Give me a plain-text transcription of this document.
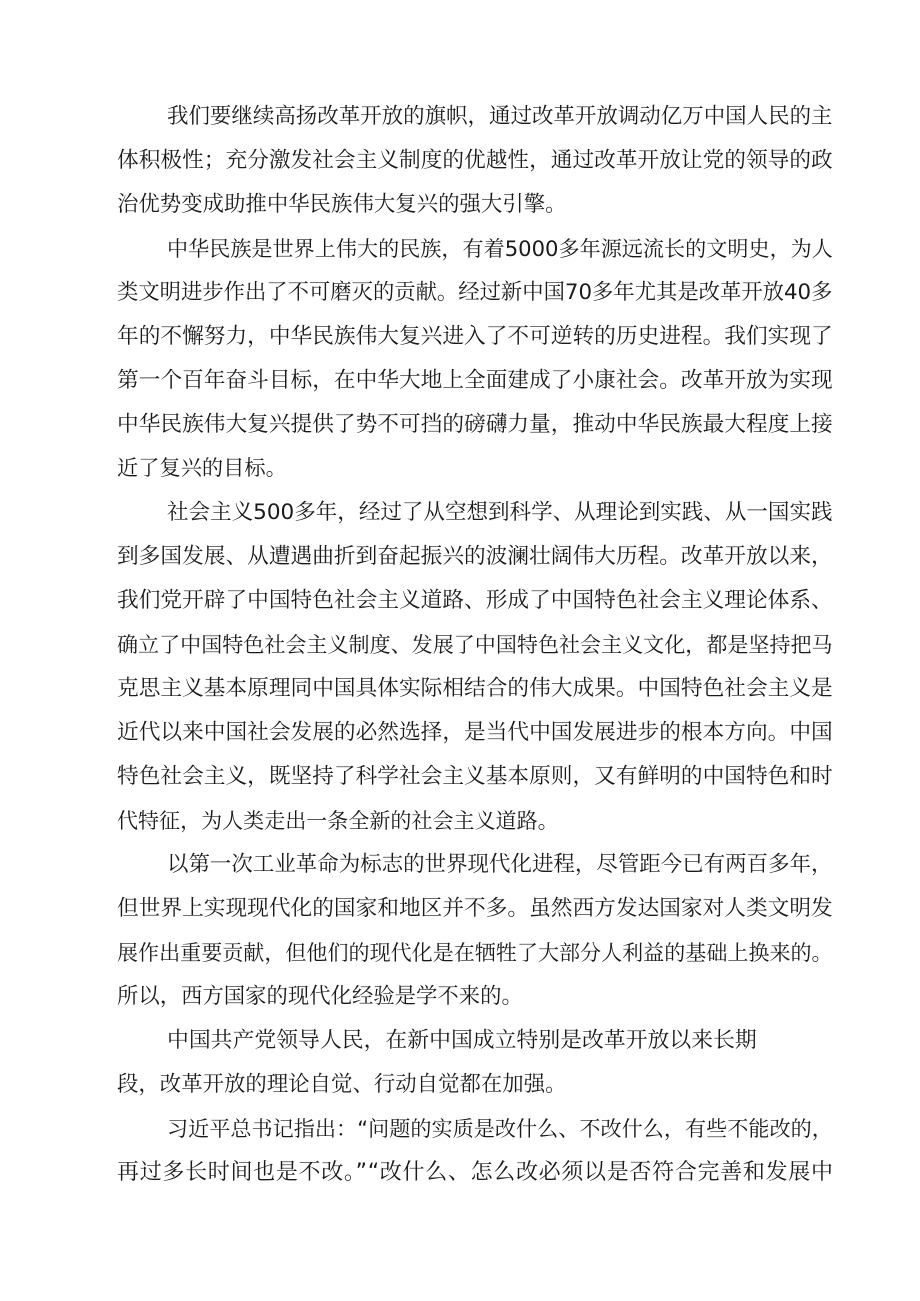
我们要继续高扬改革开放的旗帜，通过改革开放调动亿万中国人民的主
体积极性；充分激发社会主义制度的优越性，通过改革开放让党的领导的政
治优势变成助推中华民族伟大复兴的强大引擎。
中华民族是世界上伟大的民族，有着5000多年源远流长的文明史，为人
类文明进步作出了不可磨灭的贡献。经过新中国70多年尤其是改革开放40多
年的不懈努力，中华民族伟大复兴进入了不可逆转的历史进程。我们实现了
第一个百年奋斗目标，在中华大地上全面建成了小康社会。改革开放为实现
中华民族伟大复兴提供了势不可挡的磅礴力量，推动中华民族最大程度上接
近了复兴的目标。
社会主义500多年，经过了从空想到科学、从理论到实践、从一国实践
到多国发展、从遭遇曲折到奋起振兴的波澜壮阔伟大历程。改革开放以来，
我们党开辟了中国特色社会主义道路、形成了中国特色社会主义理论体系、
确立了中国特色社会主义制度、发展了中国特色社会主义文化，都是坚持把马
克思主义基本原理同中国具体实际相结合的伟大成果。中国特色社会主义是
近代以来中国社会发展的必然选择，是当代中国发展进步的根本方向。中国
特色社会主义，既坚持了科学社会主义基本原则，又有鲜明的中国特色和时
代特征，为人类走出一条全新的社会主义道路。
以第一次工业革命为标志的世界现代化进程，尽管距今已有两百多年，
但世界上实现现代化的国家和地区并不多。虽然西方发达国家对人类文明发
展作出重要贡献，但他们的现代化是在牺牲了大部分人利益的基础上换来的。
所以，西方国家的现代化经验是学不来的。
中国共产党领导人民，在新中国成立特别是改革开放以来长期
段，改革开放的理论自觉、行动自觉都在加强。
习近平总书记指出：“问题的实质是改什么、不改什么，有些不能改的，
再过多长时间也是不改。”“改什么、怎么改必须以是否符合完善和发展中
